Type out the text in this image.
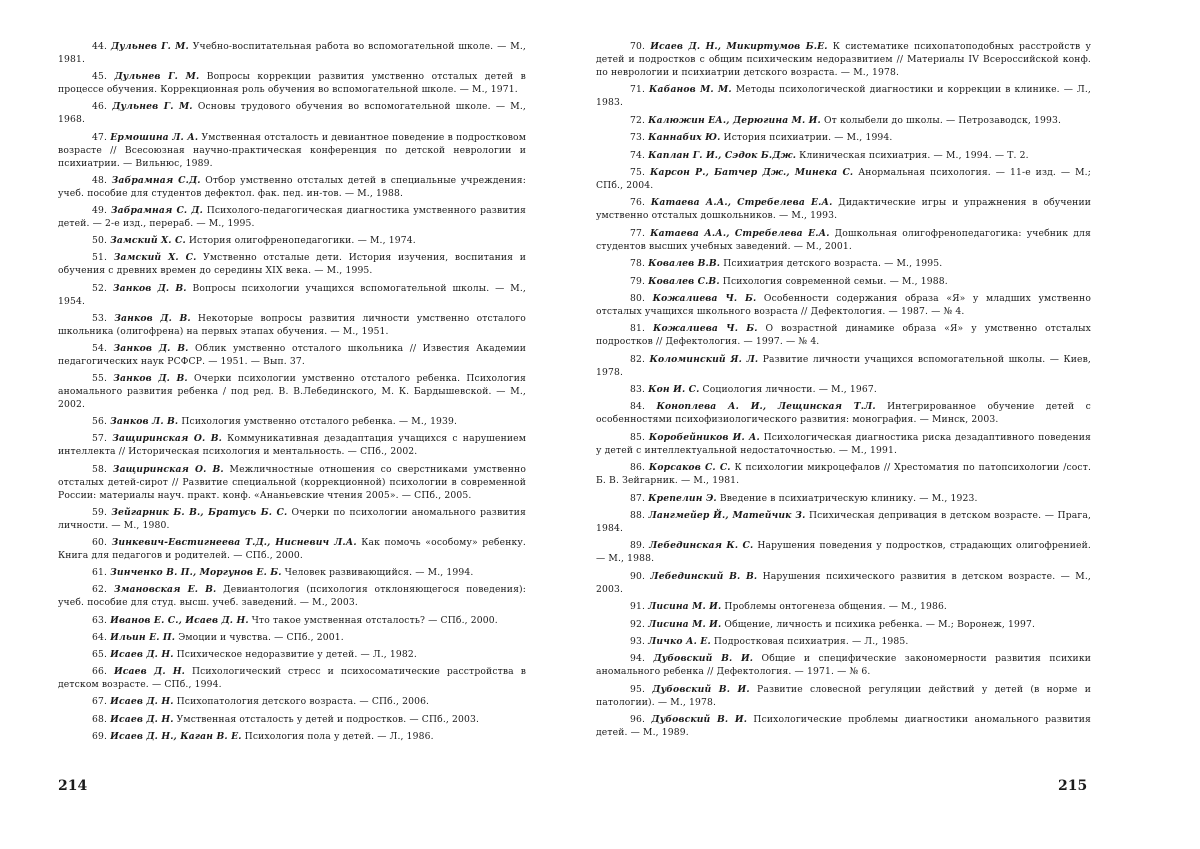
44. Дульнев Г. М. Учебно-воспитательная работа во вспомогательной школе. — М., 1981.

45. Дульнев Г. М. Вопросы коррекции развития умственно отсталых детей в процессе обучения. Коррекционная роль обучения во вспомогательной школе. — М., 1971.

46. Дульнев Г. М. Основы трудового обучения во вспомогательной школе. — М., 1968.

47. Ермошина Л. А. Умственная отсталость и девиантное поведение в подростковом возрасте // Всесоюзная научно-практическая конференция по детской неврологии и психиатрии. — Вильнюс, 1989.

48. Забрамная С.Д. Отбор умственно отсталых детей в специальные учреждения: учеб. пособие для студентов дефектол. фак. пед. ин-тов. — М., 1988.

49. Забрамная С. Д. Психолого-педагогическая диагностика умственного развития детей. — 2-е изд., перераб. — М., 1995.

50. Замский Х. С. История олигофренопедагогики. — М., 1974.

51. Замский Х. С. Умственно отсталые дети. История изучения, воспитания и обучения с древних времен до середины XIX века. — М., 1995.

52. Занков Д. В. Вопросы психологии учащихся вспомогательной школы. — М., 1954.

53. Занков Д. В. Некоторые вопросы развития личности умственно отсталого школьника (олигофрена) на первых этапах обучения. — М., 1951.

54. Занков Д. В. Облик умственно отсталого школьника // Известия Академии педагогических наук РСФСР. — 1951. — Вып. 37.

55. Занков Д. В. Очерки психологии умственно отсталого ребенка. Психология аномального развития ребенка / под ред. В. В.Лебединского, М. К. Бардышевской. — М., 2002.

56. Занков Л. В. Психология умственно отсталого ребенка. — М., 1939.

57. Защиринская О. В. Коммуникативная дезадаптация учащихся с нарушением интеллекта // Историческая психология и ментальность. — СПб., 2002.

58. Защиринская О. В. Межличностные отношения со сверстниками умственно отсталых детей-сирот // Развитие специальной (коррекционной) психологии в современной России: материалы науч. практ. конф. «Ананьевские чтения 2005». — СПб., 2005.

59. Зейгарник Б. В., Братусь Б. С. Очерки по психологии аномального развития личности. — М., 1980.

60. Зинкевич-Евстигнеева Т.Д., Нисневич Л.А. Как помочь «особому» ребенку. Книга для педагогов и родителей. — СПб., 2000.

61. Зинченко В. П., Моргунов Е. Б. Человек развивающийся. — М., 1994.

62. Змановская Е. В. Девиантология (психология отклоняющегося поведения): учеб. пособие для студ. высш. учеб. заведений. — М., 2003.

63. Иванов Е. С., Исаев Д. Н. Что такое умственная отсталость? — СПб., 2000.

64. Ильин Е. П. Эмоции и чувства. — СПб., 2001.

65. Исаев Д. Н. Психическое недоразвитие у детей. — Л., 1982.

66. Исаев Д. Н. Психологический стресс и психосоматические расстройства в детском возрасте. — СПб., 1994.

67. Исаев Д. Н. Психопатология детского возраста. — СПб., 2006.

68. Исаев Д. Н. Умственная отсталость у детей и подростков. — СПб., 2003.

69. Исаев Д. Н., Каган В. Е. Психология пола у детей. — Л., 1986.

70. Исаев Д. Н., Микиртумов Б.Е. К систематике психопатоподобных расстройств у детей и подростков с общим психическим недоразвитием // Материалы IV Всероссийской конф. по неврологии и психиатрии детского возраста. — М., 1978.

71. Кабанов М. М. Методы психологической диагностики и коррекции в клинике. — Л., 1983.

72. Калюжин ЕА., Дерюгина М. И. От колыбели до школы. — Петрозаводск, 1993.

73. Каннабих Ю. История психиатрии. — М., 1994.

74. Каплан Г. И., Сэдок Б.Дж. Клиническая психиатрия. — М., 1994. — Т. 2.

75. Карсон Р., Батчер Дж., Минека С. Анормальная психология. — 11-е изд. — М.; СПб., 2004.

76. Катаева А.А., Стребелева Е.А. Дидактические игры и упражнения в обучении умственно отсталых дошкольников. — М., 1993.

77. Катаева А.А., Стребелева Е.А. Дошкольная олигофренопедагогика: учебник для студентов высших учебных заведений. — М., 2001.

78. Ковалев В.В. Психиатрия детского возраста. — М., 1995.

79. Ковалев С.В. Психология современной семьи. — М., 1988.

80. Кожалиева Ч. Б. Особенности содержания образа «Я» у младших умственно отсталых учащихся школьного возраста // Дефектология. — 1987. — № 4.

81. Кожалиева Ч. Б. О возрастной динамике образа «Я» у умственно отсталых подростков // Дефектология. — 1997. — № 4.

82. Коломинский Я. Л. Развитие личности учащихся вспомогательной школы. — Киев, 1978.

83. Кон И. С. Социология личности. — М., 1967.

84. Коноплева А. И., Лещинская Т.Л. Интегрированное обучение детей с особенностями психофизиологического развития: монография. — Минск, 2003.

85. Коробейников И. А. Психологическая диагностика риска дезадаптивного поведения у детей с интеллектуальной недостаточностью. — М., 1991.

86. Корсаков С. С. К психологии микроцефалов // Хрестоматия по патопсихологии /сост. Б. В. Зейгарник. — М., 1981.

87. Крепелин Э. Введение в психиатрическую клинику. — М., 1923.

88. Лангмейер Й., Матейчик З. Психическая депривация в детском возрасте. — Прага, 1984.

89. Лебединская К. С. Нарушения поведения у подростков, страдающих олигофренией. — М., 1988.

90. Лебединский В. В. Нарушения психического развития в детском возрасте. — М., 2003.

91. Лисина М. И. Проблемы онтогенеза общения. — М., 1986.

92. Лисина М. И. Общение, личность и психика ребенка. — М.; Воронеж, 1997.

93. Личко А. Е. Подростковая психиатрия. — Л., 1985.

94. Дубовский В. И. Общие и специфические закономерности развития психики аномального ребенка // Дефектология. — 1971. — № 6.

95. Дубовский В. И. Развитие словесной регуляции действий у детей (в норме и патологии). — М., 1978.

96. Дубовский В. И. Психологические проблемы диагностики аномального развития детей. — М., 1989.

214	215
